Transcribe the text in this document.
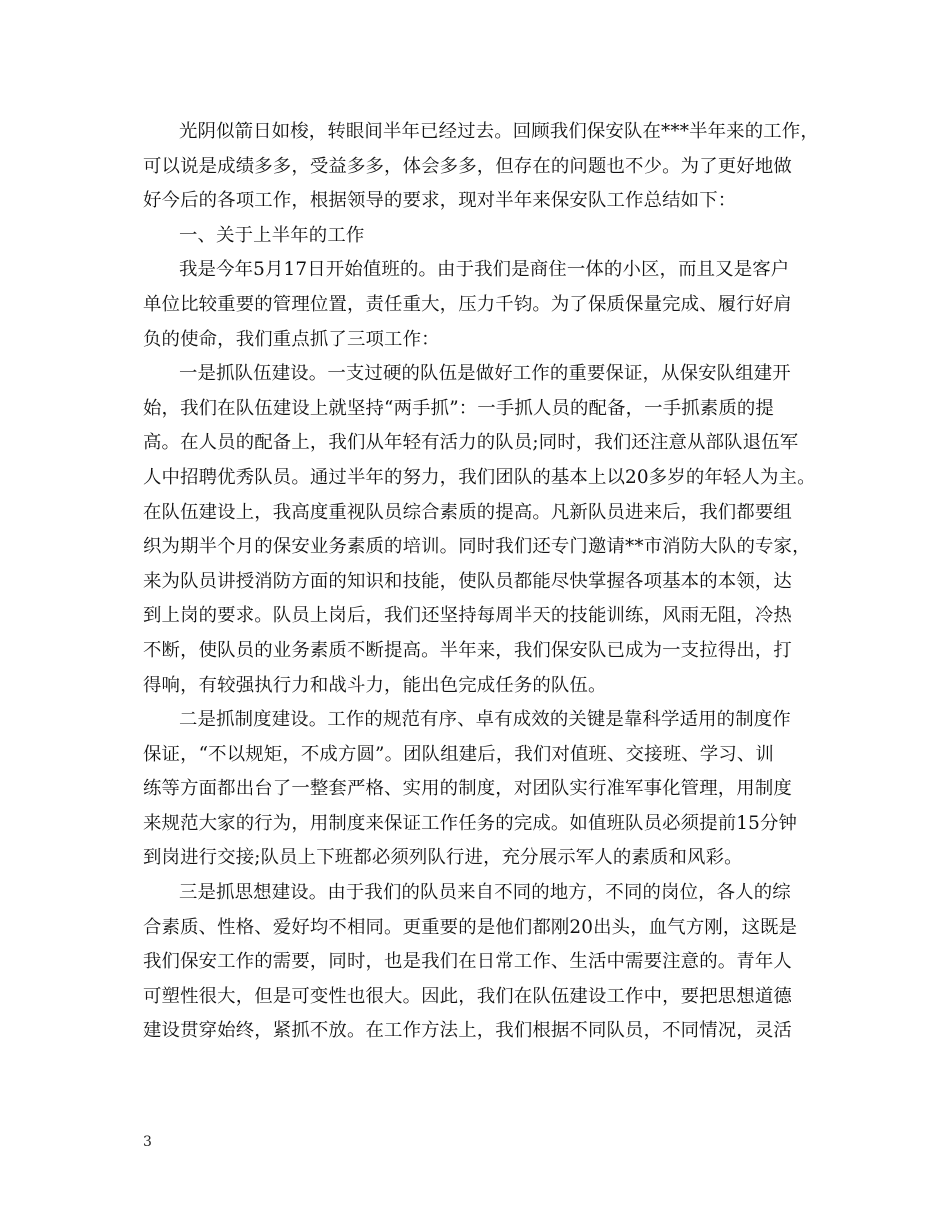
光阴似箭日如梭，转眼间半年已经过去。回顾我们保安队在***半年来的工作，
可以说是成绩多多，受益多多，体会多多，但存在的问题也不少。为了更好地做
好今后的各项工作，根据领导的要求，现对半年来保安队工作总结如下：
一、关于上半年的工作
我是今年5月17日开始值班的。由于我们是商住一体的小区，而且又是客户
单位比较重要的管理位置，责任重大，压力千钧。为了保质保量完成、履行好肩
负的使命，我们重点抓了三项工作：
一是抓队伍建设。一支过硬的队伍是做好工作的重要保证，从保安队组建开
始，我们在队伍建设上就坚持“两手抓”：一手抓人员的配备，一手抓素质的提
高。在人员的配备上，我们从年轻有活力的队员;同时，我们还注意从部队退伍军
人中招聘优秀队员。通过半年的努力，我们团队的基本上以20多岁的年轻人为主。
在队伍建设上，我高度重视队员综合素质的提高。凡新队员进来后，我们都要组
织为期半个月的保安业务素质的培训。同时我们还专门邀请**市消防大队的专家，
来为队员讲授消防方面的知识和技能，使队员都能尽快掌握各项基本的本领，达
到上岗的要求。队员上岗后，我们还坚持每周半天的技能训练，风雨无阻，冷热
不断，使队员的业务素质不断提高。半年来，我们保安队已成为一支拉得出，打
得响，有较强执行力和战斗力，能出色完成任务的队伍。
二是抓制度建设。工作的规范有序、卓有成效的关键是靠科学适用的制度作
保证，“不以规矩，不成方圆”。团队组建后，我们对值班、交接班、学习、训
练等方面都出台了一整套严格、实用的制度，对团队实行准军事化管理，用制度
来规范大家的行为，用制度来保证工作任务的完成。如值班队员必须提前15分钟
到岗进行交接;队员上下班都必须列队行进，充分展示军人的素质和风彩。
三是抓思想建设。由于我们的队员来自不同的地方，不同的岗位，各人的综
合素质、性格、爱好均不相同。更重要的是他们都刚20出头，血气方刚，这既是
我们保安工作的需要，同时，也是我们在日常工作、生活中需要注意的。青年人
可塑性很大，但是可变性也很大。因此，我们在队伍建设工作中，要把思想道德
建设贯穿始终，紧抓不放。在工作方法上，我们根据不同队员，不同情况，灵活
3
